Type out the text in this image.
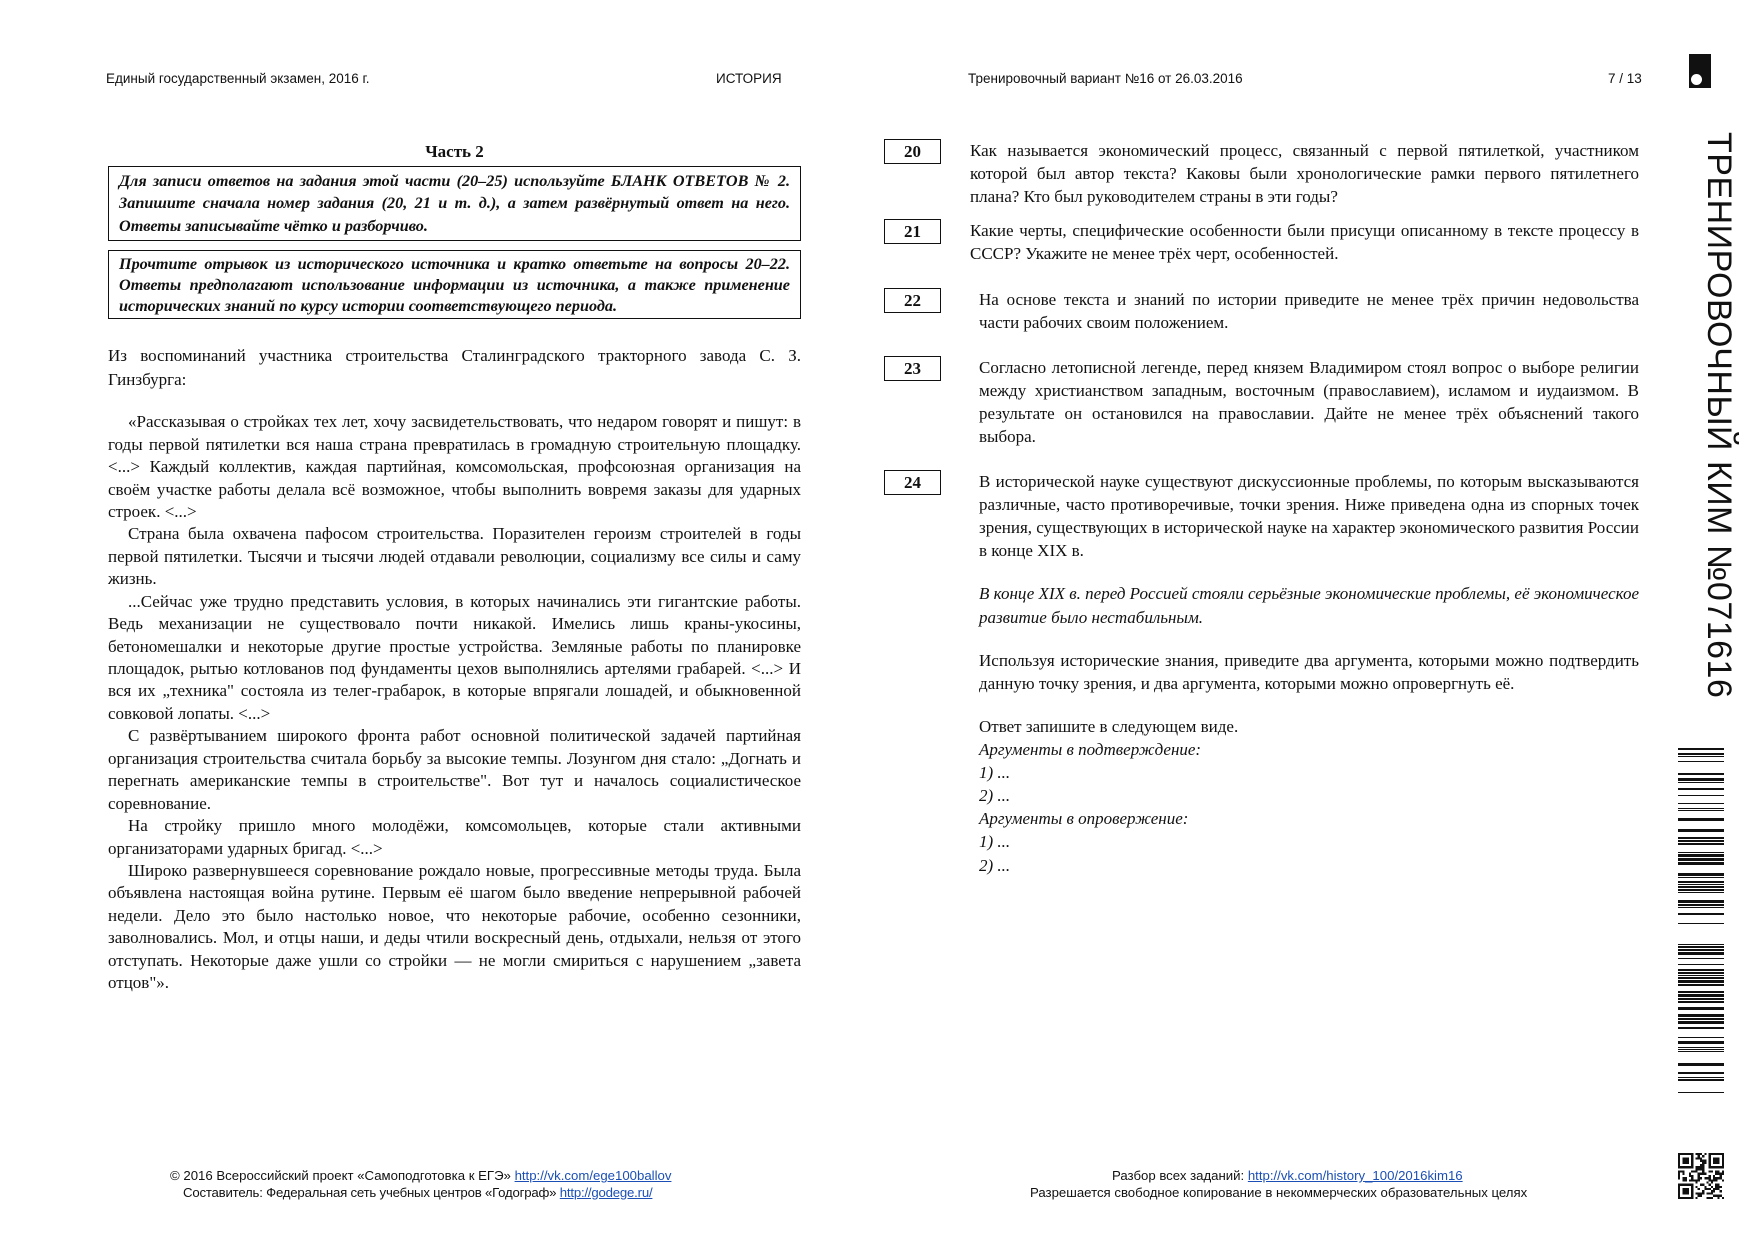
Единый государственный экзамен, 2016 г.	ИСТОРИЯ	Тренировочный вариант №16 от 26.03.2016	7 / 13
ТРЕНИРОВОЧНЫЙ КИМ №071616
Часть 2
Для записи ответов на задания этой части (20–25) используйте БЛАНК ОТВЕТОВ № 2. Запишите сначала номер задания (20, 21 и т. д.), а затем развёрнутый ответ на него. Ответы записывайте чётко и разборчиво.
Прочтите отрывок из исторического источника и кратко ответьте на вопросы 20–22. Ответы предполагают использование информации из источника, а также применение исторических знаний по курсу истории соответствующего периода.
Из воспоминаний участника строительства Сталинградского тракторного завода С. З. Гинзбурга:

«Рассказывая о стройках тех лет, хочу засвидетельствовать, что недаром говорят и пишут: в годы первой пятилетки вся наша страна превратилась в громадную строительную площадку. <...> Каждый коллектив, каждая партийная, комсомольская, профсоюзная организация на своём участке работы делала всё возможное, чтобы выполнить вовремя заказы для ударных строек. <...>

Страна была охвачена пафосом строительства. Поразителен героизм строителей в годы первой пятилетки. Тысячи и тысячи людей отдавали революции, социализму все силы и саму жизнь.

...Сейчас уже трудно представить условия, в которых начинались эти гигантские работы. Ведь механизации не существовало почти никакой. Имелись лишь краны-укосины, бетономешалки и некоторые другие простые устройства. Земляные работы по планировке площадок, рытью котлованов под фундаменты цехов выполнялись артелями грабарей. <...> И вся их „техника" состояла из телег-грабарок, в которые впрягали лошадей, и обыкновенной совковой лопаты. <...>

С развёртыванием широкого фронта работ основной политической задачей партийная организация строительства считала борьбу за высокие темпы. Лозунгом дня стало: „Догнать и перегнать американские темпы в строительстве". Вот тут и началось социалистическое соревнование.

На стройку пришло много молодёжи, комсомольцев, которые стали активными организаторами ударных бригад. <...>

Широко развернувшееся соревнование рождало новые, прогрессивные методы труда. Была объявлена настоящая война рутине. Первым её шагом было введение непрерывной рабочей недели. Дело это было настолько новое, что некоторые рабочие, особенно сезонники, заволновались. Мол, и отцы наши, и деды чтили воскресный день, отдыхали, нельзя от этого отступать. Некоторые даже ушли со стройки — не могли смириться с нарушением „завета отцов"».

20	Как называется экономический процесс, связанный с первой пятилеткой, участником которой был автор текста? Каковы были хронологические рамки первого пятилетнего плана? Кто был руководителем страны в эти годы?
21	Какие черты, специфические особенности были присущи описанному в тексте процессу в СССР? Укажите не менее трёх черт, особенностей.
22	На основе текста и знаний по истории приведите не менее трёх причин недовольства части рабочих своим положением.
23	Согласно летописной легенде, перед князем Владимиром стоял вопрос о выборе религии между христианством западным, восточным (православием), исламом и иудаизмом. В результате он остановился на православии. Дайте не менее трёх объяснений такого выбора.
24	В исторической науке существуют дискуссионные проблемы, по которым высказываются различные, часто противоречивые, точки зрения. Ниже приведена одна из спорных точек зрения, существующих в исторической науке на характер экономического развития России в конце XIX в.

В конце XIX в. перед Россией стояли серьёзные экономические проблемы, её экономическое развитие было нестабильным.

Используя исторические знания, приведите два аргумента, которыми можно подтвердить данную точку зрения, и два аргумента, которыми можно опровергнуть её.

Ответ запишите в следующем виде.

Аргументы в подтверждение:

1) ...

2) ...

Аргументы в опровержение:

1) ...

2) ...

© 2016 Всероссийский проект «Самоподготовка к ЕГЭ» http://vk.com/ege100ballov
Составитель: Федеральная сеть учебных центров «Годограф» http://godege.ru/
Разбор всех заданий: http://vk.com/history_100/2016kim16
Разрешается свободное копирование в некоммерческих образовательных целях
